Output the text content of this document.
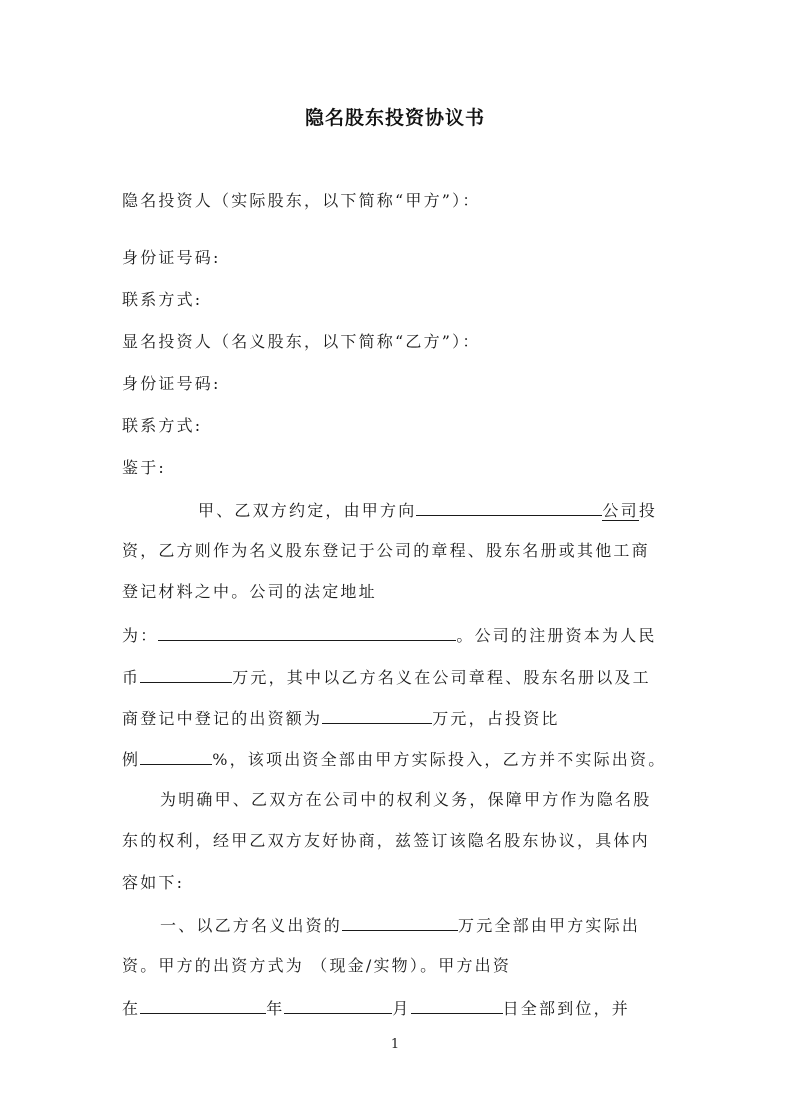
隐名股东投资协议书
隐名投资人（实际股东，以下简称“甲方”）：
身份证号码:
联系方式:
显名投资人（名义股东，以下简称“乙方”）：
身份证号码:
联系方式:
鉴于:
甲、乙双方约定，由甲方向	公司投
资，乙方则作为名义股东登记于公司的章程、股东名册或其他工商
登记材料之中。公司的法定地址
为：	。公司的注册资本为人民
币	万元，其中以乙方名义在公司章程、股东名册以及工
商登记中登记的出资额为	万元，占投资比
例	%，该项出资全部由甲方实际投入，乙方并不实际出资。
为明确甲、乙双方在公司中的权利义务，保障甲方作为隐名股
东的权利，经甲乙双方友好协商，兹签订该隐名股东协议，具体内
容如下:
一、以乙方名义出资的	万元全部由甲方实际出
资。甲方的出资方式为 （现金/实物）。甲方出资
在	年	月	日全部到位，并
1
